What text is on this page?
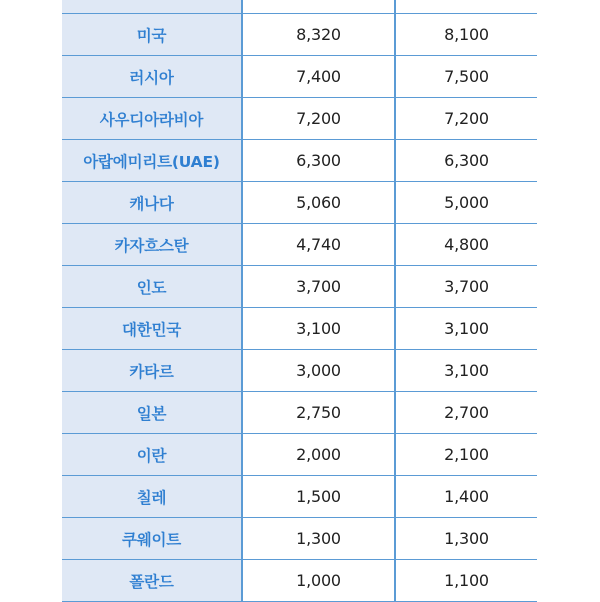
미국	8,320	8,100
러시아	7,400	7,500
사우디아라비아	7,200	7,200
아랍에미리트(UAE)	6,300	6,300
캐나다	5,060	5,000
카자흐스탄	4,740	4,800
인도	3,700	3,700
대한민국	3,100	3,100
카타르	3,000	3,100
일본	2,750	2,700
이란	2,000	2,100
칠레	1,500	1,400
쿠웨이트	1,300	1,300
폴란드	1,000	1,100
